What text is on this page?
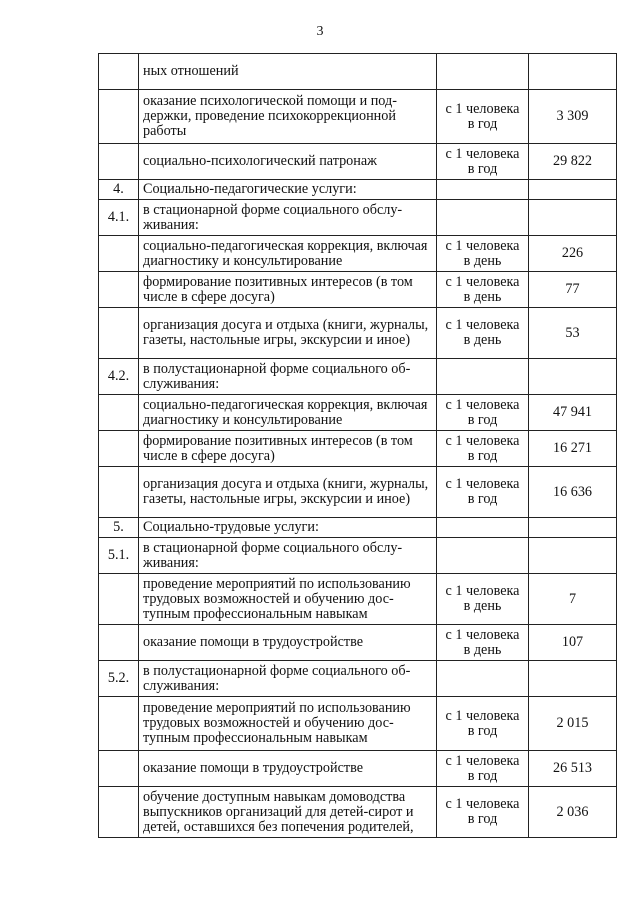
3
	ных отношений		
	оказание психологической помощи и поддержки, проведение психокоррекционной работы	с 1 человека в год	3 309
	социально-психологический патронаж	с 1 человека в год	29 822
4.	Социально-педагогические услуги:		
4.1.	в стационарной форме социального обслуживания:		
	социально-педагогическая коррекция, включая диагностику и консультирование	с 1 человека в день	226
	формирование позитивных интересов (в том числе в сфере досуга)	с 1 человека в день	77
	организация досуга и отдыха (книги, журналы, газеты, настольные игры, экскурсии и иное)	с 1 человека в день	53
4.2.	в полустационарной форме социального обслуживания:		
	социально-педагогическая коррекция, включая диагностику и консультирование	с 1 человека в год	47 941
	формирование позитивных интересов (в том числе в сфере досуга)	с 1 человека в год	16 271
	организация досуга и отдыха (книги, журналы, газеты, настольные игры, экскурсии и иное)	с 1 человека в год	16 636
5.	Социально-трудовые услуги:		
5.1.	в стационарной форме социального обслуживания:		
	проведение мероприятий по использованию трудовых возможностей и обучению доступным профессиональным навыкам	с 1 человека в день	7
	оказание помощи в трудоустройстве	с 1 человека в день	107
5.2.	в полустационарной форме социального обслуживания:		
	проведение мероприятий по использованию трудовых возможностей и обучению доступным профессиональным навыкам	с 1 человека в год	2 015
	оказание помощи в трудоустройстве	с 1 человека в год	26 513
	обучение доступным навыкам домоводства выпускников организаций для детей-сирот и детей, оставшихся без попечения родителей,	с 1 человека в год	2 036
